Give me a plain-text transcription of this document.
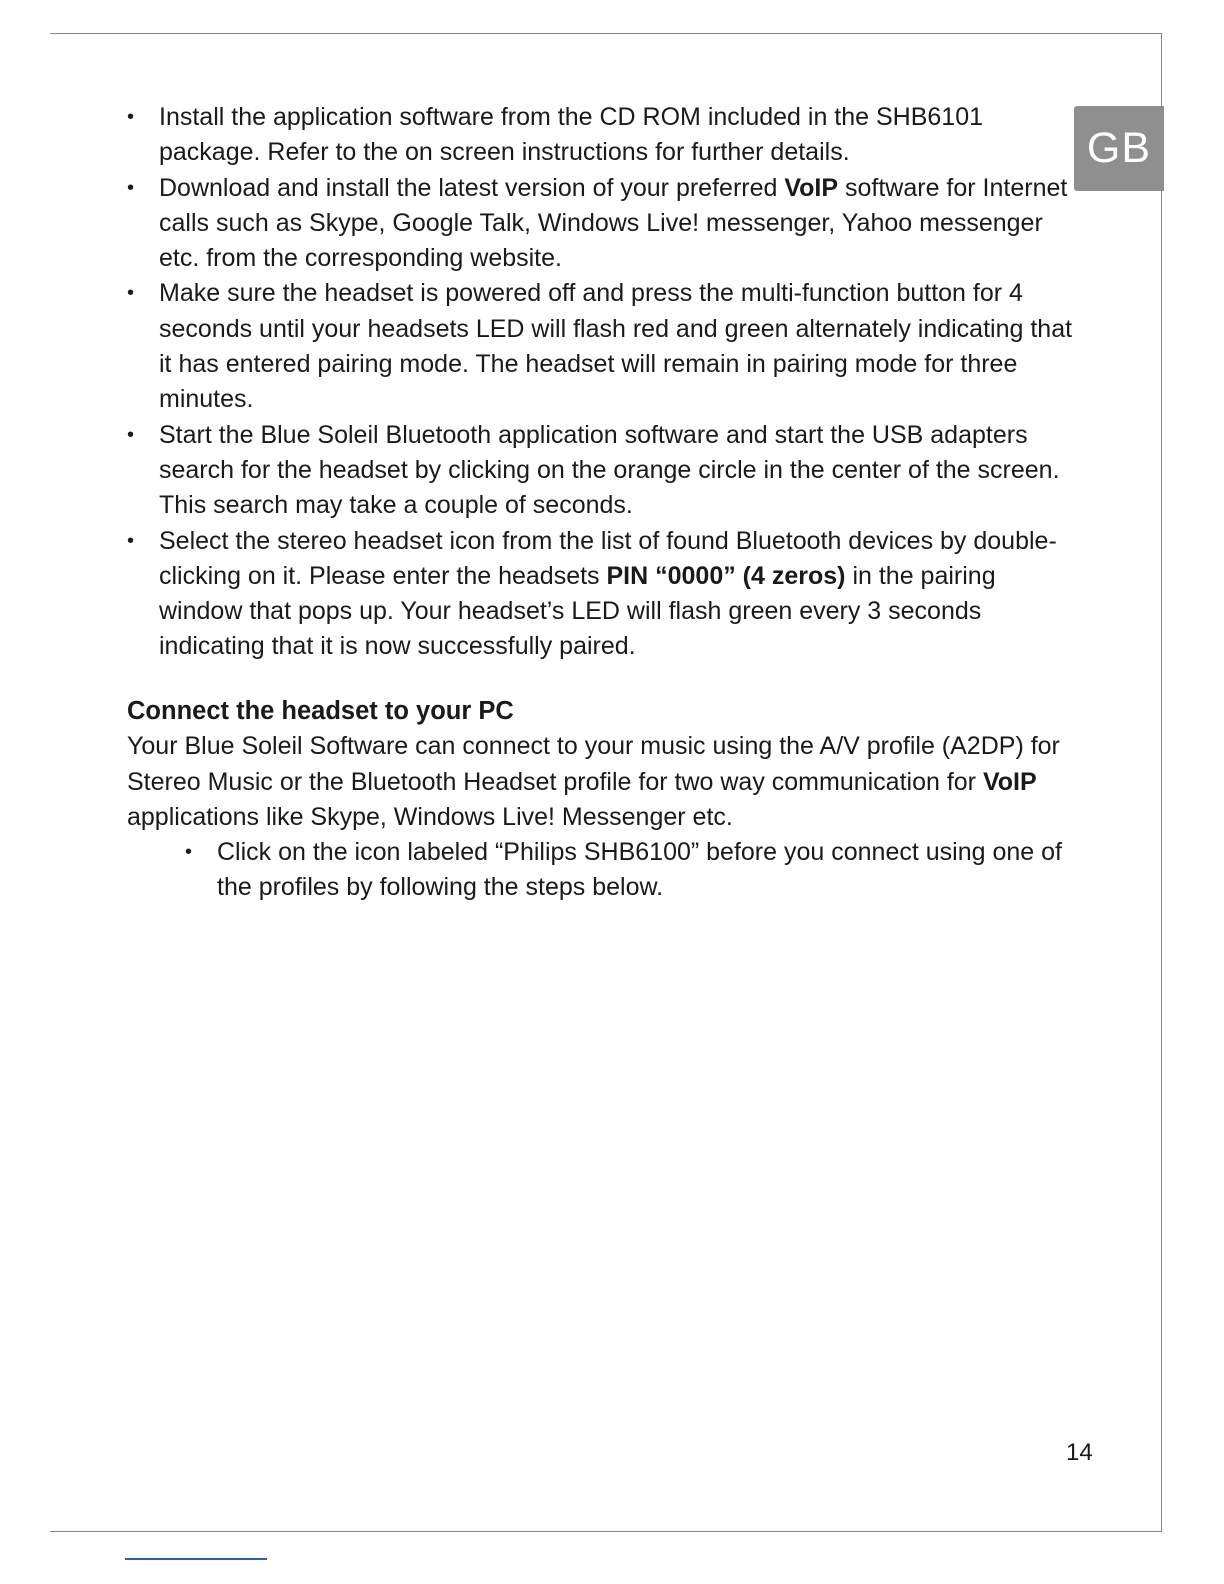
GB
• Install the application software from the CD ROM included in the SHB6101 package. Refer to the on screen instructions for further details.
• Download and install the latest version of your preferred VoIP software for Internet calls such as Skype, Google Talk, Windows Live! messenger, Yahoo messenger etc. from the corresponding website.
• Make sure the headset is powered off and press the multi-function button for 4 seconds until your headsets LED will flash red and green alternately indicating that it has entered pairing mode. The headset will remain in pairing mode for three minutes.
• Start the Blue Soleil Bluetooth application software and start the USB adapters search for the headset by clicking on the orange circle in the center of the screen. This search may take a couple of seconds.
• Select the stereo headset icon from the list of found Bluetooth devices by double-clicking on it. Please enter the headsets PIN “0000” (4 zeros) in the pairing window that pops up. Your headset’s LED will flash green every 3 seconds indicating that it is now successfully paired.
Connect the headset to your PC

Your Blue Soleil Software can connect to your music using the A/V profile (A2DP) for Stereo Music or the Bluetooth Headset profile for two way communication for VoIP applications like Skype, Windows Live! Messenger etc.

• Click on the icon labeled “Philips SHB6100” before you connect using one of the profiles by following the steps below.
14
